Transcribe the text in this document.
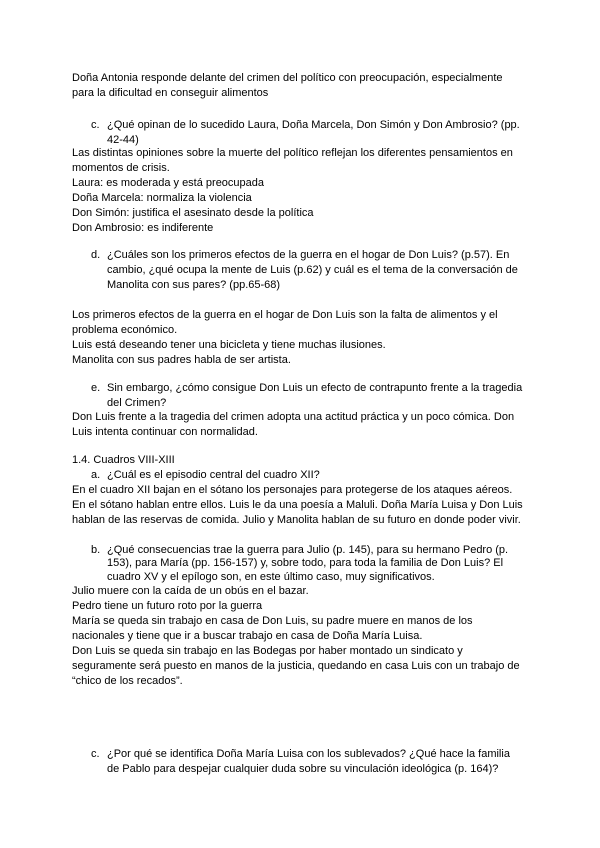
Doña Antonia responde delante del crimen del político con preocupación, especialmente
para la dificultad en conseguir alimentos
c. ¿Qué opinan de lo sucedido Laura, Doña Marcela, Don Simón y Don Ambrosio? (pp.
42-44)
Las distintas opiniones sobre la muerte del político reflejan los diferentes pensamientos en
momentos de crisis.
Laura: es moderada y está preocupada
Doña Marcela: normaliza la violencia
Don Simón: justifica el asesinato desde la política
Don Ambrosio: es indiferente
d. ¿Cuáles son los primeros efectos de la guerra en el hogar de Don Luis? (p.57). En
cambio, ¿qué ocupa la mente de Luis (p.62) y cuál es el tema de la conversación de
Manolita con sus pares? (pp.65-68)
Los primeros efectos de la guerra en el hogar de Don Luis son la falta de alimentos y el
problema económico.
Luis está deseando tener una bicicleta y tiene muchas ilusiones.
Manolita con sus padres habla de ser artista.
e. Sin embargo, ¿cómo consigue Don Luis un efecto de contrapunto frente a la tragedia
del Crimen?
Don Luis frente a la tragedia del crimen adopta una actitud práctica y un poco cómica. Don
Luis intenta continuar con normalidad.
1.4. Cuadros VIII-XIII
a. ¿Cuál es el episodio central del cuadro XII?
En el cuadro XII bajan en el sótano los personajes para protegerse de los ataques aéreos.
En el sótano hablan entre ellos. Luis le da una poesía a Maluli. Doña María Luisa y Don Luis
hablan de las reservas de comida. Julio y Manolita hablan de su futuro en donde poder vivir.
b. ¿Qué consecuencias trae la guerra para Julio (p. 145), para su hermano Pedro (p.
153), para María (pp. 156-157) y, sobre todo, para toda la familia de Don Luis? El
cuadro XV y el epílogo son, en este último caso, muy significativos.
Julio muere con la caída de un obús en el bazar.
Pedro tiene un futuro roto por la guerra
María se queda sin trabajo en casa de Don Luis, su padre muere en manos de los
nacionales y tiene que ir a buscar trabajo en casa de Doña María Luisa.
Don Luis se queda sin trabajo en las Bodegas por haber montado un sindicato y
seguramente será puesto en manos de la justicia, quedando en casa Luis con un trabajo de
“chico de los recados”.
c. ¿Por qué se identifica Doña María Luisa con los sublevados? ¿Qué hace la familia
de Pablo para despejar cualquier duda sobre su vinculación ideológica (p. 164)?
